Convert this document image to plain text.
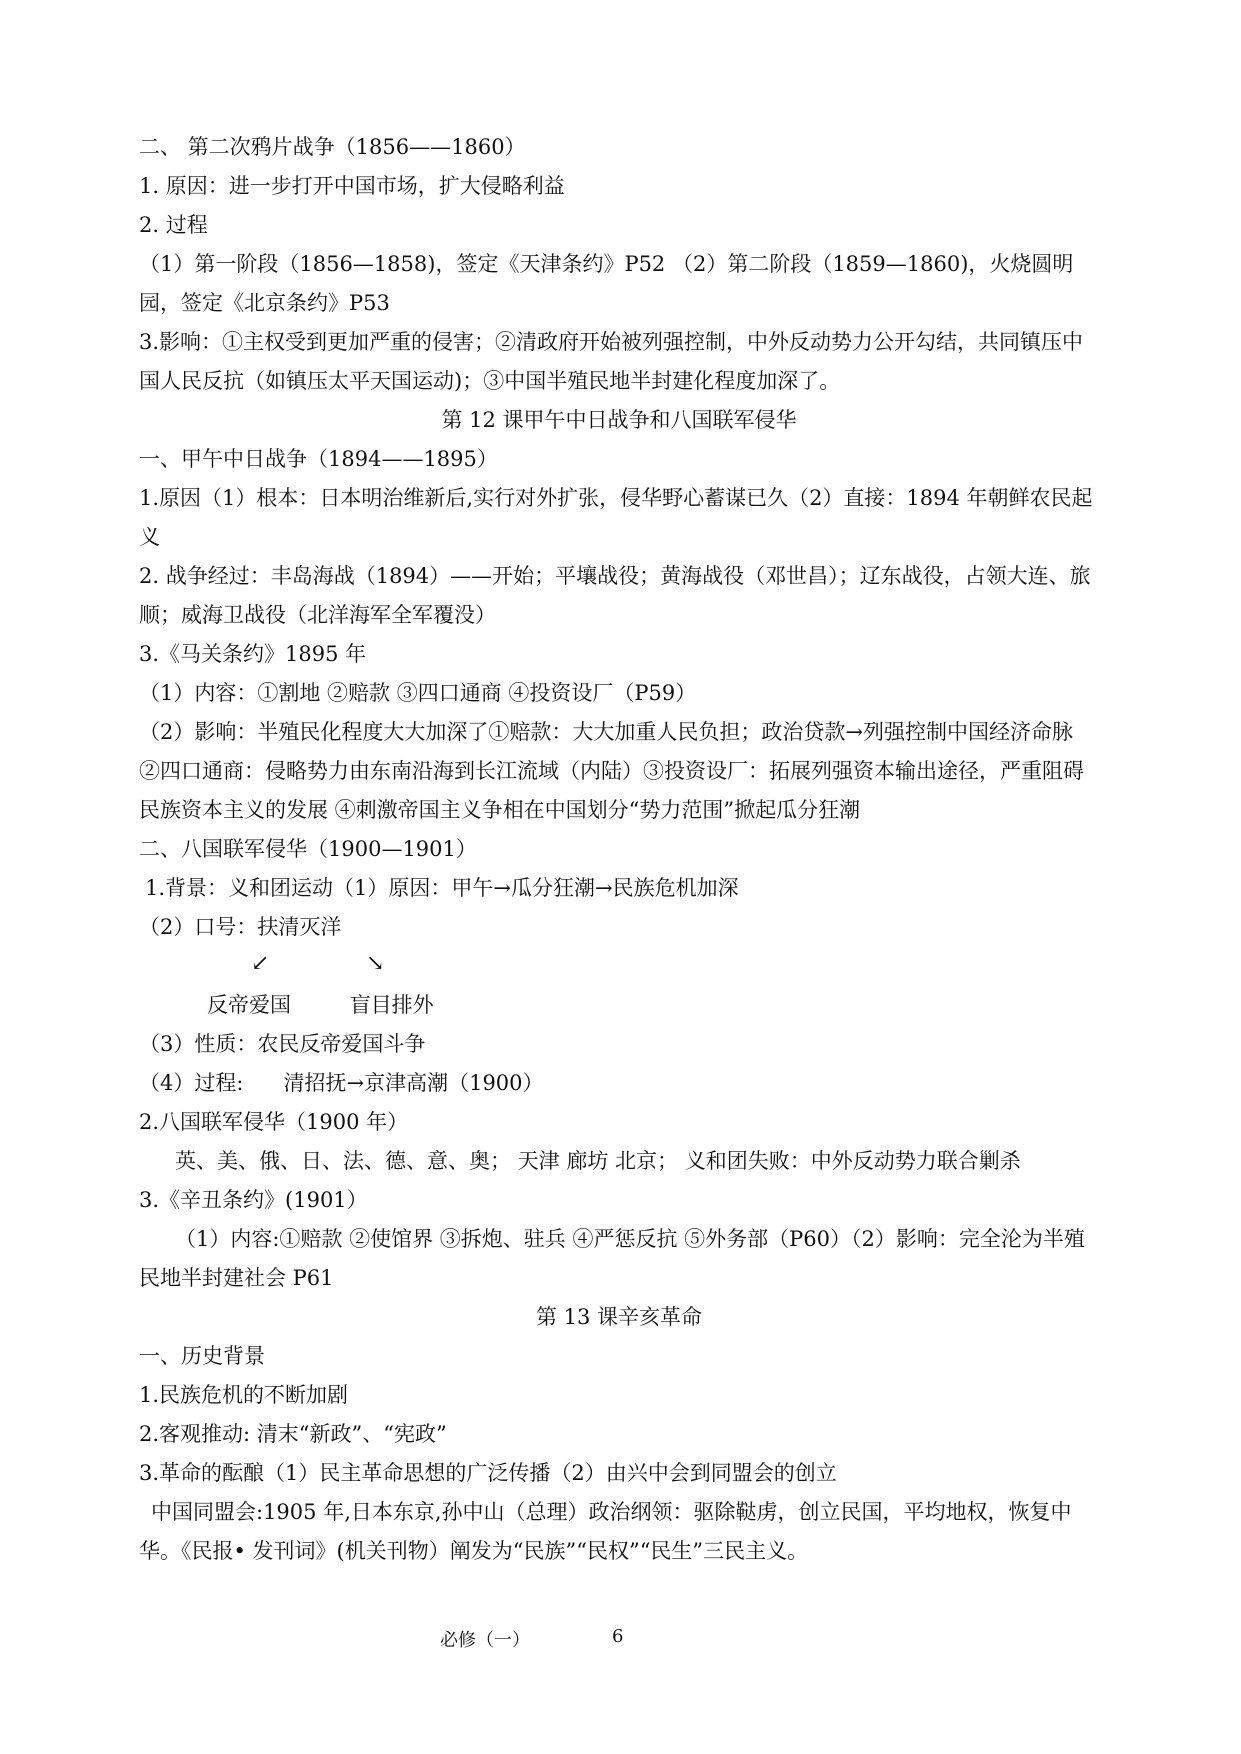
二、 第二次鸦片战争（1856——1860）
1. 原因：进一步打开中国市场，扩大侵略利益
2. 过程
（1）第一阶段（1856—1858)，签定《天津条约》P52 （2）第二阶段（1859—1860)，火烧圆明园，签定《北京条约》P53
3.影响：①主权受到更加严重的侵害；②清政府开始被列强控制，中外反动势力公开勾结，共同镇压中国人民反抗（如镇压太平天国运动)；③中国半殖民地半封建化程度加深了。
第 12 课甲午中日战争和八国联军侵华
一、甲午中日战争（1894——1895）
1.原因（1）根本：日本明治维新后,实行对外扩张，侵华野心蓄谋已久（2）直接：1894 年朝鲜农民起义
2. 战争经过：丰岛海战（1894）——开始；平壤战役；黄海战役（邓世昌）；辽东战役，占领大连、旅顺；威海卫战役（北洋海军全军覆没）
3.《马关条约》1895 年
（1）内容：①割地 ②赔款 ③四口通商 ④投资设厂（P59）
（2）影响：半殖民化程度大大加深了①赔款：大大加重人民负担；政治贷款→列强控制中国经济命脉 ②四口通商：侵略势力由东南沿海到长江流域（内陆）③投资设厂：拓展列强资本输出途径，严重阻碍民族资本主义的发展 ④刺激帝国主义争相在中国划分“势力范围”掀起瓜分狂潮
二、八国联军侵华（1900—1901）
1.背景：义和团运动（1）原因：甲午→瓜分狂潮→民族危机加深
（2）口号：扶清灭洋
↙	↘
反帝爱国	盲目排外
（3）性质：农民反帝爱国斗争
（4）过程:      清招抚→京津高潮（1900）
2.八国联军侵华（1900 年）
英、美、俄、日、法、德、意、奥； 天津 廊坊 北京； 义和团失败：中外反动势力联合剿杀
3.《辛丑条约》(1901）
（1）内容:①赔款 ②使馆界 ③拆炮、驻兵 ④严惩反抗 ⑤外务部（P60）（2）影响：完全沦为半殖民地半封建社会 P61
第 13 课辛亥革命
一、历史背景
1.民族危机的不断加剧
2.客观推动: 清末“新政”、“宪政”
3.革命的酝酿（1）民主革命思想的广泛传播（2）由兴中会到同盟会的创立
中国同盟会:1905 年,日本东京,孙中山（总理）政治纲领：驱除鞑虏，创立民国，平均地权，恢复中华。《民报• 发刊词》(机关刊物）阐发为“民族”“民权”“民生”三民主义。
必修（一）	6
